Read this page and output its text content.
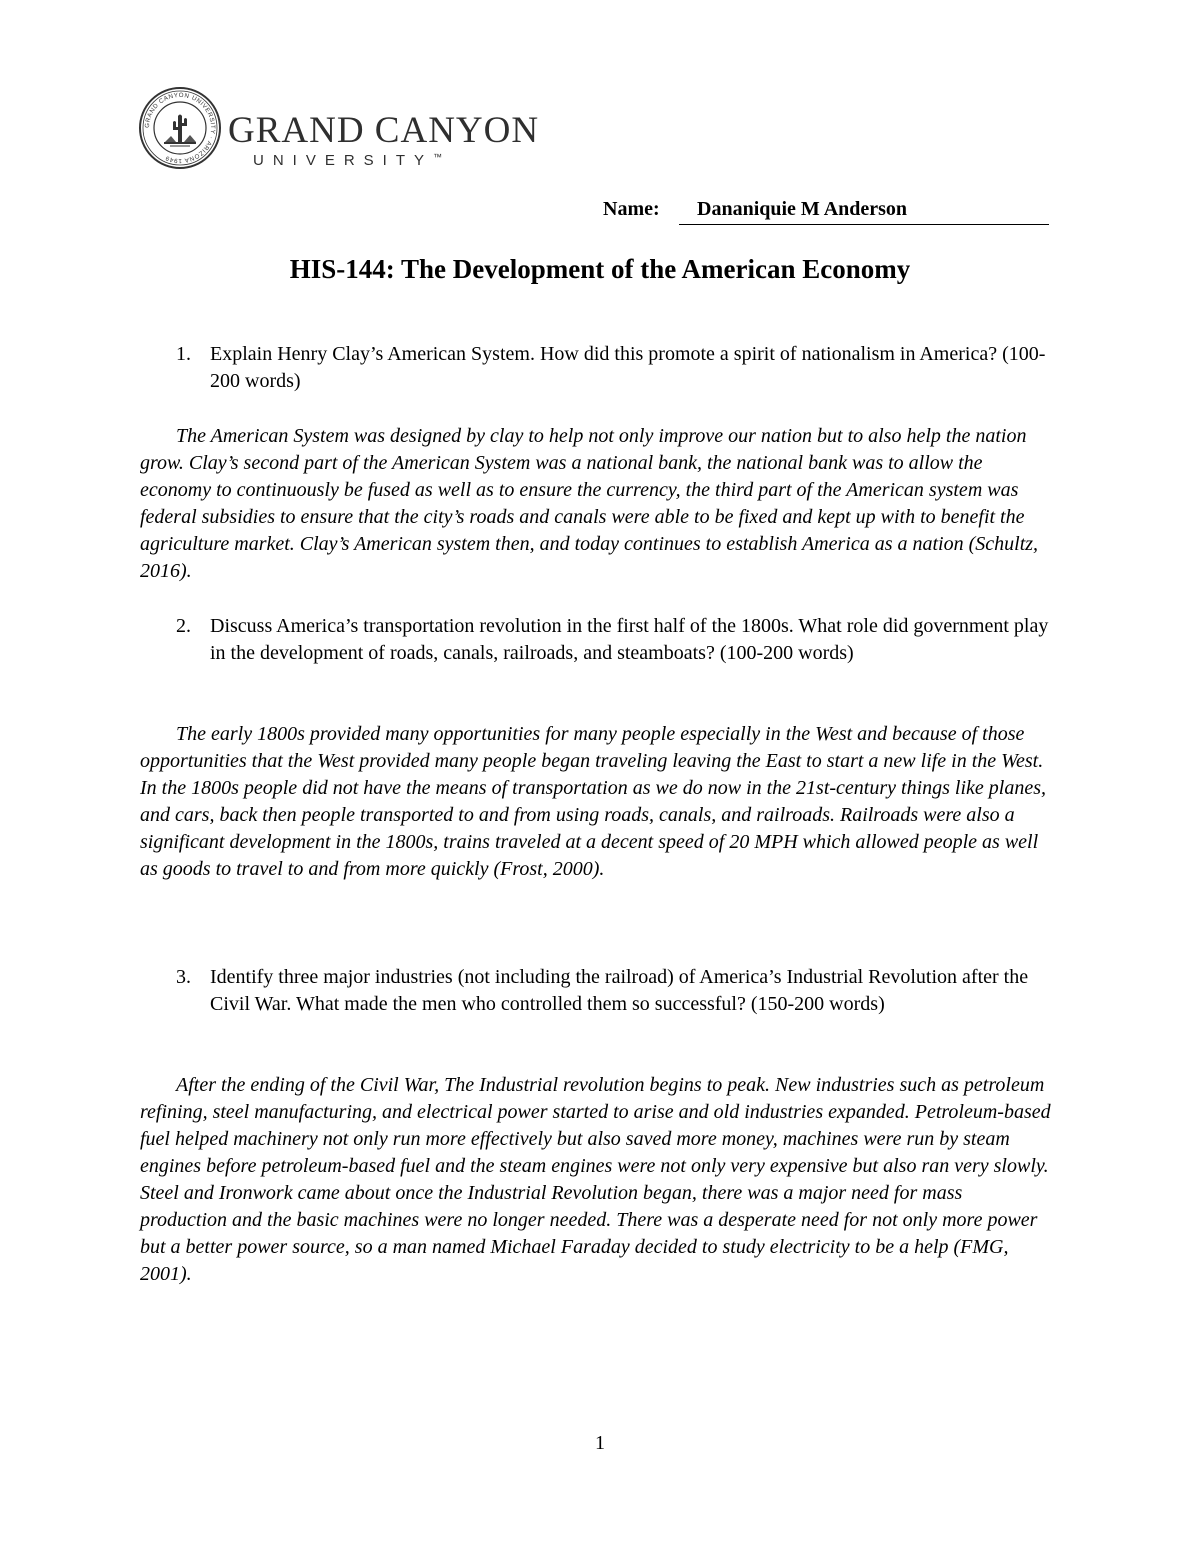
GRAND CANYON UNIVERSITY · ARIZONA 1949
GRAND CANYON
UNIVERSITY™
Name:	Dananiquie M Anderson
HIS-144: The Development of the American Economy
1. Explain Henry Clay’s American System. How did this promote a spirit of nationalism in America? (100-200 words)

The American System was designed by clay to help not only improve our nation but to also help the nation grow. Clay’s second part of the American System was a national bank, the national bank was to allow the economy to continuously be fused as well as to ensure the currency, the third part of the American system was federal subsidies to ensure that the city’s roads and canals were able to be fixed and kept up with to benefit the agriculture market. Clay’s American system then, and today continues to establish America as a nation (Schultz, 2016).

2. Discuss America’s transportation revolution in the first half of the 1800s. What role did government play in the development of roads, canals, railroads, and steamboats? (100-200 words)

The early 1800s provided many opportunities for many people especially in the West and because of those opportunities that the West provided many people began traveling leaving the East to start a new life in the West. In the 1800s people did not have the means of transportation as we do now in the 21st-century things like planes, and cars, back then people transported to and from using roads, canals, and railroads. Railroads were also a significant development in the 1800s, trains traveled at a decent speed of 20 MPH which allowed people as well as goods to travel to and from more quickly (Frost, 2000).

3. Identify three major industries (not including the railroad) of America’s Industrial Revolution after the Civil War. What made the men who controlled them so successful? (150-200 words)

After the ending of the Civil War, The Industrial revolution begins to peak. New industries such as petroleum refining, steel manufacturing, and electrical power started to arise and old industries expanded. Petroleum-based fuel helped machinery not only run more effectively but also saved more money, machines were run by steam engines before petroleum-based fuel and the steam engines were not only very expensive but also ran very slowly. Steel and Ironwork came about once the Industrial Revolution began, there was a major need for mass production and the basic machines were no longer needed. There was a desperate need for not only more power but a better power source, so a man named Michael Faraday decided to study electricity to be a help (FMG, 2001).

1
